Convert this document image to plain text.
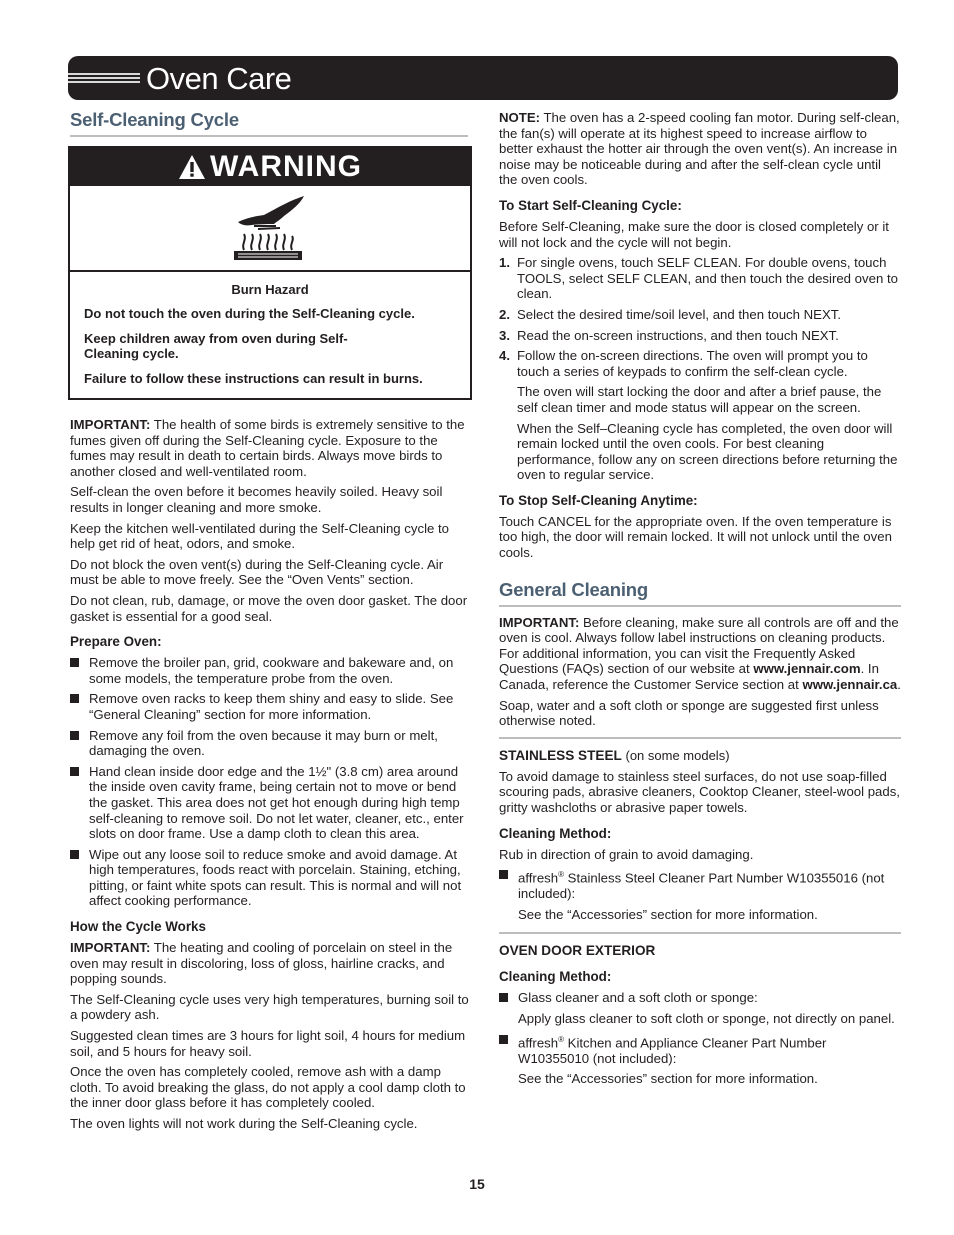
Oven Care
Self-Cleaning Cycle
WARNING

Burn Hazard

Do not touch the oven during the Self-Cleaning cycle.

Keep children away from oven during Self-Cleaning cycle.

Failure to follow these instructions can result in burns.

IMPORTANT: The health of some birds is extremely sensitive to the fumes given off during the Self-Cleaning cycle. Exposure to the fumes may result in death to certain birds. Always move birds to another closed and well-ventilated room.

Self-clean the oven before it becomes heavily soiled. Heavy soil results in longer cleaning and more smoke.

Keep the kitchen well-ventilated during the Self-Cleaning cycle to help get rid of heat, odors, and smoke.

Do not block the oven vent(s) during the Self-Cleaning cycle. Air must be able to move freely. See the “Oven Vents” section.

Do not clean, rub, damage, or move the oven door gasket. The door gasket is essential for a good seal.

Prepare Oven:
Remove the broiler pan, grid, cookware and bakeware and, on some models, the temperature probe from the oven.
Remove oven racks to keep them shiny and easy to slide. See “General Cleaning” section for more information.
Remove any foil from the oven because it may burn or melt, damaging the oven.
Hand clean inside door edge and the 1½" (3.8 cm) area around the inside oven cavity frame, being certain not to move or bend the gasket. This area does not get hot enough during high temp self-cleaning to remove soil. Do not let water, cleaner, etc., enter slots on door frame. Use a damp cloth to clean this area.
Wipe out any loose soil to reduce smoke and avoid damage. At high temperatures, foods react with porcelain. Staining, etching, pitting, or faint white spots can result. This is normal and will not affect cooking performance.
How the Cycle Works

IMPORTANT: The heating and cooling of porcelain on steel in the oven may result in discoloring, loss of gloss, hairline cracks, and popping sounds.

The Self-Cleaning cycle uses very high temperatures, burning soil to a powdery ash.

Suggested clean times are 3 hours for light soil, 4 hours for medium soil, and 5 hours for heavy soil.

Once the oven has completely cooled, remove ash with a damp cloth. To avoid breaking the glass, do not apply a cool damp cloth to the inner door glass before it has completely cooled.

The oven lights will not work during the Self-Cleaning cycle.

NOTE: The oven has a 2-speed cooling fan motor. During self-clean, the fan(s) will operate at its highest speed to increase airflow to better exhaust the hotter air through the oven vent(s). An increase in noise may be noticeable during and after the self-clean cycle until the oven cools.

To Start Self-Cleaning Cycle:

Before Self-Cleaning, make sure the door is closed completely or it will not lock and the cycle will not begin.

1. For single ovens, touch SELF CLEAN. For double ovens, touch TOOLS, select SELF CLEAN, and then touch the desired oven to clean.
2. Select the desired time/soil level, and then touch NEXT.
3. Read the on-screen instructions, and then touch NEXT.
4. Follow the on-screen directions. The oven will prompt you to touch a series of keypads to confirm the self-clean cycle.

The oven will start locking the door and after a brief pause, the self clean timer and mode status will appear on the screen.

When the Self–Cleaning cycle has completed, the oven door will remain locked until the oven cools. For best cleaning performance, follow any on screen directions before returning the oven to regular service.

To Stop Self-Cleaning Anytime:

Touch CANCEL for the appropriate oven. If the oven temperature is too high, the door will remain locked. It will not unlock until the oven cools.

General Cleaning

IMPORTANT: Before cleaning, make sure all controls are off and the oven is cool. Always follow label instructions on cleaning products. For additional information, you can visit the Frequently Asked Questions (FAQs) section of our website at www.jennair.com. In Canada, reference the Customer Service section at www.jennair.ca.

Soap, water and a soft cloth or sponge are suggested first unless otherwise noted.

STAINLESS STEEL (on some models)

To avoid damage to stainless steel surfaces, do not use soap-filled scouring pads, abrasive cleaners, Cooktop Cleaner, steel-wool pads, gritty washcloths or abrasive paper towels.

Cleaning Method:

Rub in direction of grain to avoid damaging.

affresh® Stainless Steel Cleaner Part Number W10355016 (not included):

See the “Accessories” section for more information.

OVEN DOOR EXTERIOR
Cleaning Method:
Glass cleaner and a soft cloth or sponge:

Apply glass cleaner to soft cloth or sponge, not directly on panel.

affresh® Kitchen and Appliance Cleaner Part Number W10355010 (not included):

See the “Accessories” section for more information.

15
